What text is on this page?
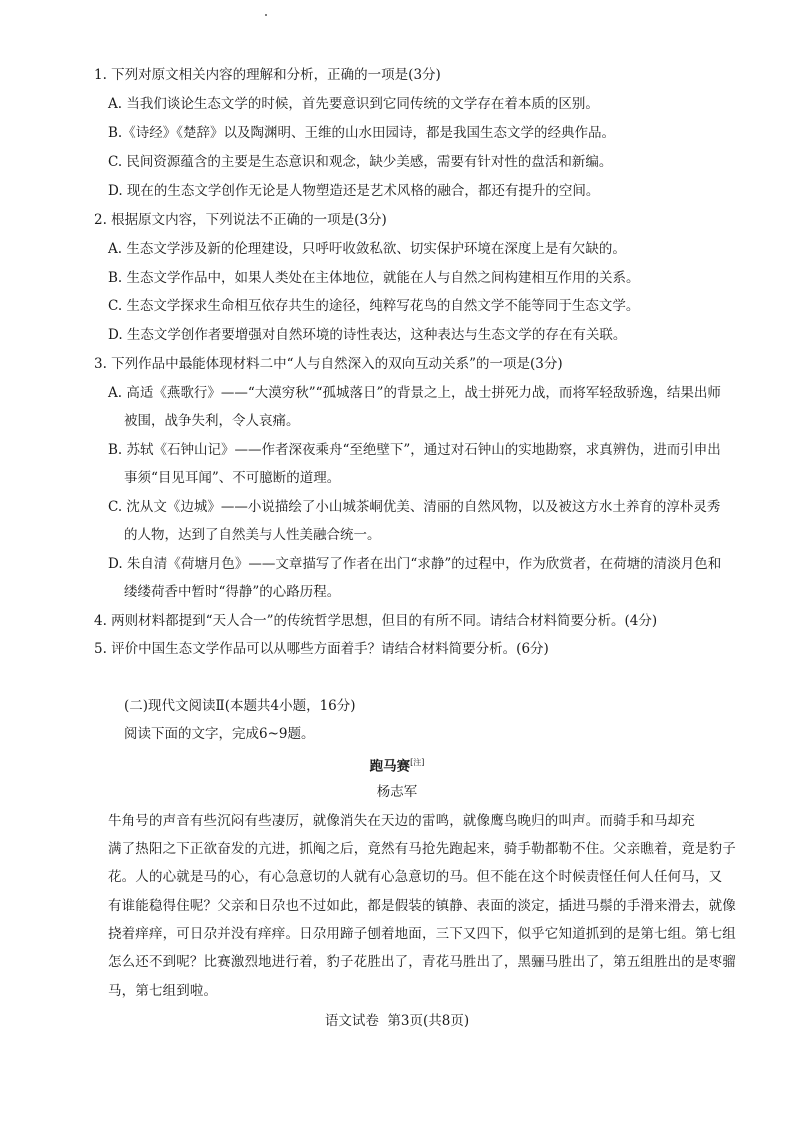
1. 下列对原文相关内容的理解和分析，正确的一项是(3分)
A. 当我们谈论生态文学的时候，首先要意识到它同传统的文学存在着本质的区别。
B.《诗经》《楚辞》以及陶渊明、王维的山水田园诗，都是我国生态文学的经典作品。
C. 民间资源蕴含的主要是生态意识和观念，缺少美感，需要有针对性的盘活和新编。
D. 现在的生态文学创作无论是人物塑造还是艺术风格的融合，都还有提升的空间。
2. 根据原文内容，下列说法不正确的一项是(3分)
A. 生态文学涉及新的伦理建设，只呼吁收敛私欲、切实保护环境在深度上是有欠缺的。
B. 生态文学作品中，如果人类处在主体地位，就能在人与自然之间构建相互作用的关系。
C. 生态文学探求生命相互依存共生的途径，纯粹写花鸟的自然文学不能等同于生态文学。
D. 生态文学创作者要增强对自然环境的诗性表达，这种表达与生态文学的存在有关联。
3. 下列作品中最能体现材料二中“人与自然深入的双向互动关系”的一项是(3分)
A. 高适《燕歌行》——“大漠穷秋”“孤城落日”的背景之上，战士拼死力战，而将军轻敌骄逸，结果出师
被围，战争失利，令人哀痛。
B. 苏轼《石钟山记》——作者深夜乘舟“至绝壁下”，通过对石钟山的实地勘察，求真辨伪，进而引申出
事须“目见耳闻”、不可臆断的道理。
C. 沈从文《边城》——小说描绘了小山城茶峒优美、清丽的自然风物，以及被这方水土养育的淳朴灵秀
的人物，达到了自然美与人性美融合统一。
D. 朱自清《荷塘月色》——文章描写了作者在出门“求静”的过程中，作为欣赏者，在荷塘的清淡月色和
缕缕荷香中暂时“得静”的心路历程。
4. 两则材料都提到“天人合一”的传统哲学思想，但目的有所不同。请结合材料简要分析。(4分)
5. 评价中国生态文学作品可以从哪些方面着手？请结合材料简要分析。(6分)
(二)现代文阅读Ⅱ(本题共4小题，16分)
阅读下面的文字，完成6~9题。
跑马赛[注]
杨志军
牛角号的声音有些沉闷有些凄厉，就像消失在天边的雷鸣，就像鹰鸟晚归的叫声。而骑手和马却充
满了热阳之下正欲奋发的亢进，抓阄之后，竟然有马抢先跑起来，骑手勒都勒不住。父亲瞧着，竟是豹子
花。人的心就是马的心，有心急意切的人就有心急意切的马。但不能在这个时候责怪任何人任何马，又
有谁能稳得住呢？父亲和日尕也不过如此，都是假装的镇静、表面的淡定，插进马鬃的手滑来滑去，就像
挠着痒痒，可日尕并没有痒痒。日尕用蹄子刨着地面，三下又四下，似乎它知道抓到的是第七组。第七组
怎么还不到呢？比赛激烈地进行着，豹子花胜出了，青花马胜出了，黑骊马胜出了，第五组胜出的是枣骝
马，第七组到啦。
语文试卷  第3页(共8页)
